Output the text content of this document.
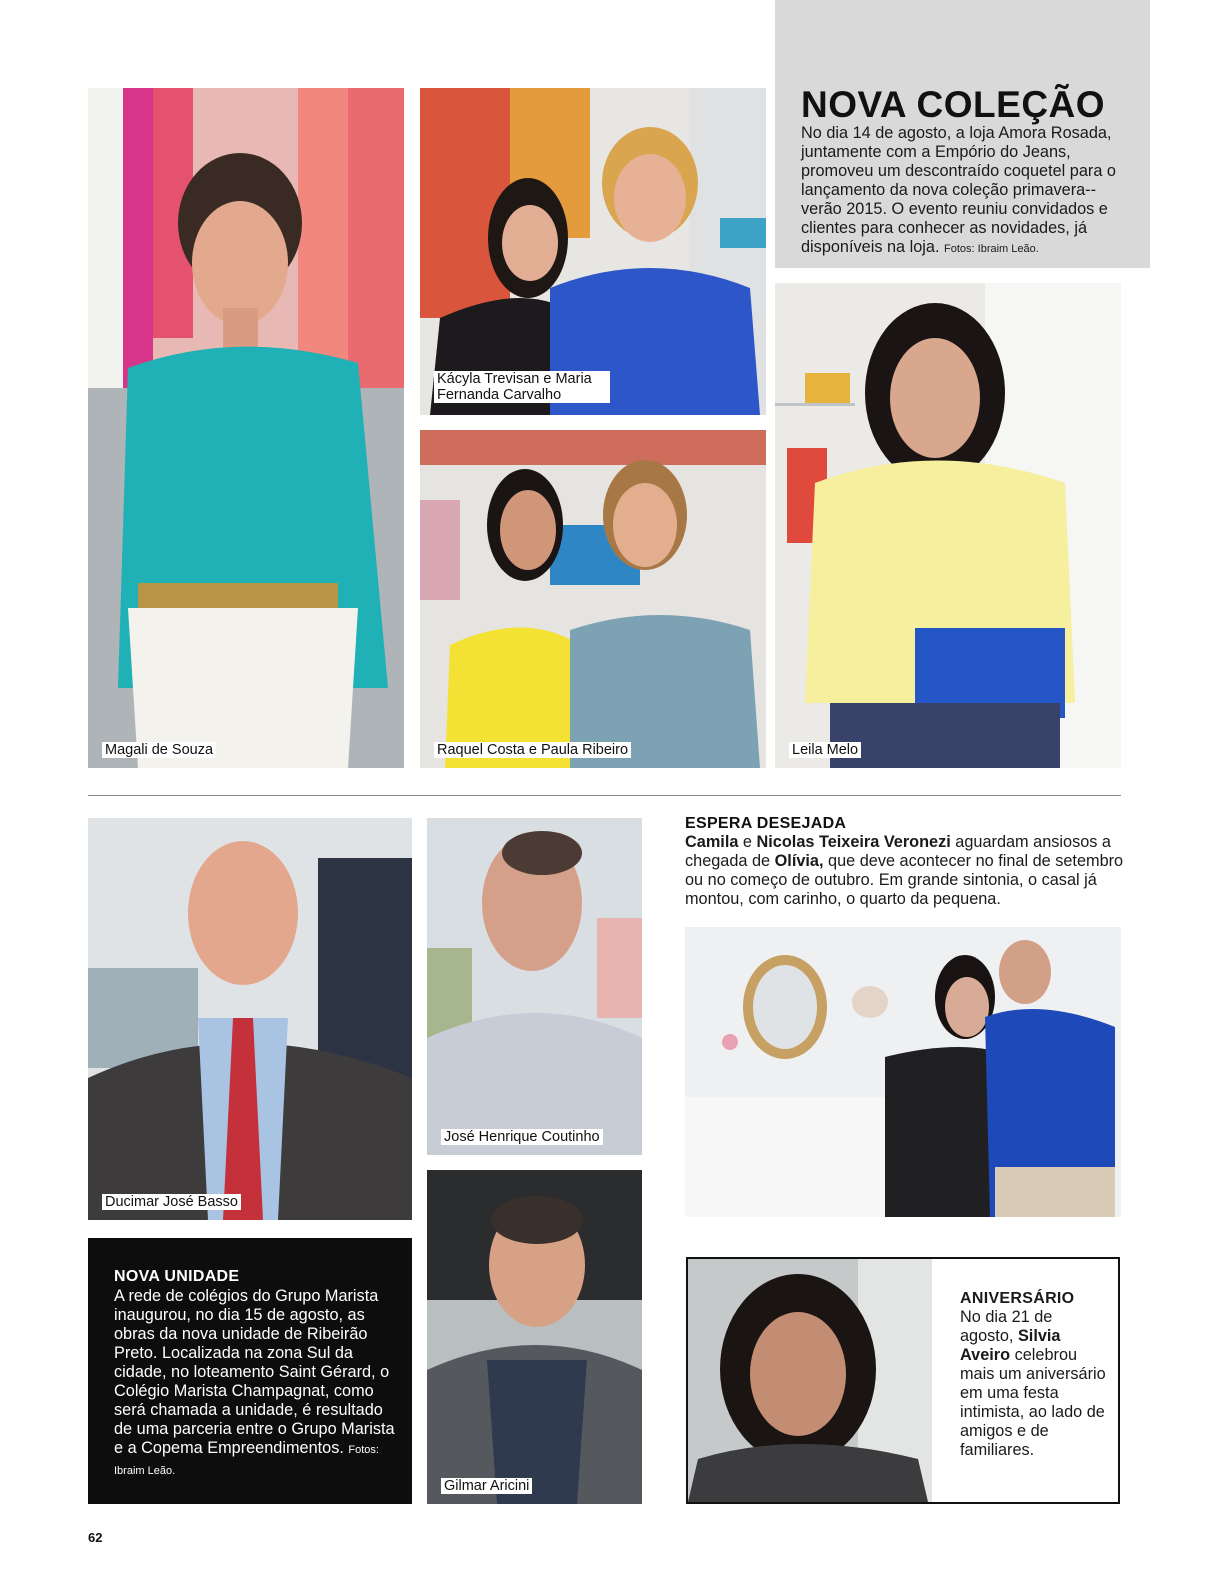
Magali de Souza
Kácyla Trevisan e Maria Fernanda Carvalho
Raquel Costa e Paula Ribeiro
NOVA COLEÇÃO
No dia 14 de agosto, a loja Amora Rosada, juntamente com a Empório do Jeans, promoveu um descontraído coquetel para o lançamento da nova coleção primavera--verão 2015. O evento reuniu convidados e clientes para conhecer as novidades, já disponíveis na loja. Fotos: Ibraim Leão.
Leila Melo
Ducimar José Basso
José Henrique Coutinho
Gilmar Aricini
ESPERA DESEJADA
Camila e Nicolas Teixeira Veronezi aguardam ansiosos a chegada de Olívia, que deve acontecer no final de setembro ou no começo de outubro. Em grande sintonia, o casal já montou, com carinho, o quarto da pequena.
NOVA UNIDADE
A rede de colégios do Grupo Marista inaugurou, no dia 15 de agosto, as obras da nova unidade de Ribeirão Preto. Localizada na zona Sul da cidade, no loteamento Saint Gérard, o Colégio Marista Champagnat, como será chamada a unidade, é resultado de uma parceria entre o Grupo Marista e a Copema Empreendimentos. Fotos: Ibraim Leão.
ANIVERSÁRIO
No dia 21 de agosto, Silvia Aveiro celebrou mais um aniversário em uma festa intimista, ao lado de amigos e de familiares.
62
